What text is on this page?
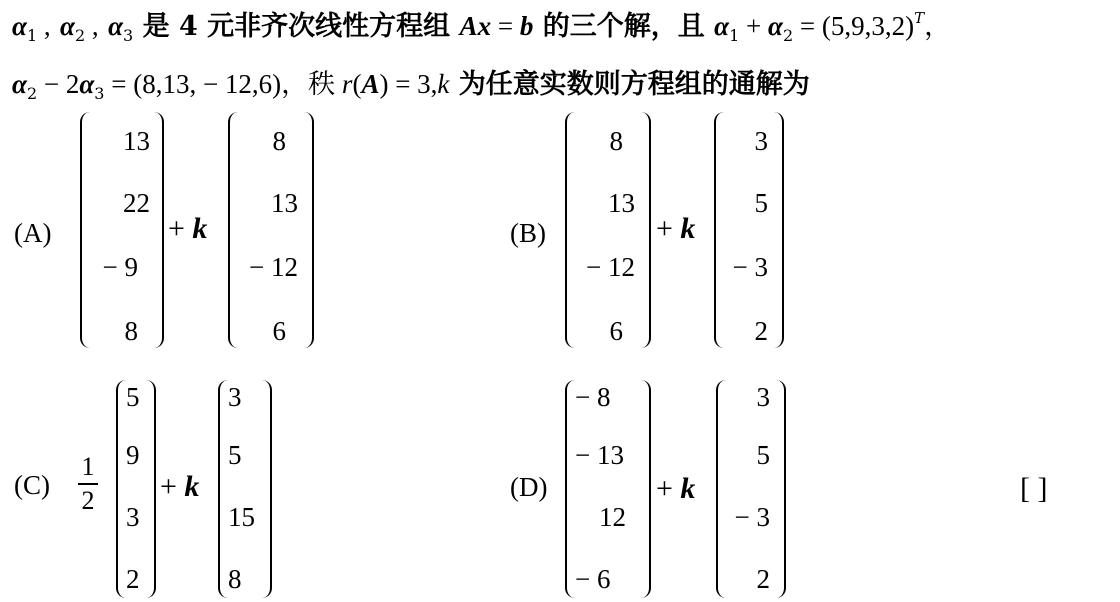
$\alpha_1$ , $\alpha_2$ , $\alpha_3$ 是 4 元非齐次线性方程组 Ax = b 的三个解，且 $\alpha_1 + \alpha_2 = (5,9,3,2)^T$，
$\alpha_2 - 2\alpha_3 = (8,13$, − 12,6)，秩 r(A) = 3,k 为任意实数则方程组的通解为
(A)
13
22
− 9
8
+ k
8
13
− 12
6
(B)
8
13
− 12
6
+ k
3
5
− 3
2
(C)
1
2
5
9
3
2
+ k
3
5
15
8
(D)
− 8
− 13
12
− 6
+ k
3
5
− 3
2
[ ]
